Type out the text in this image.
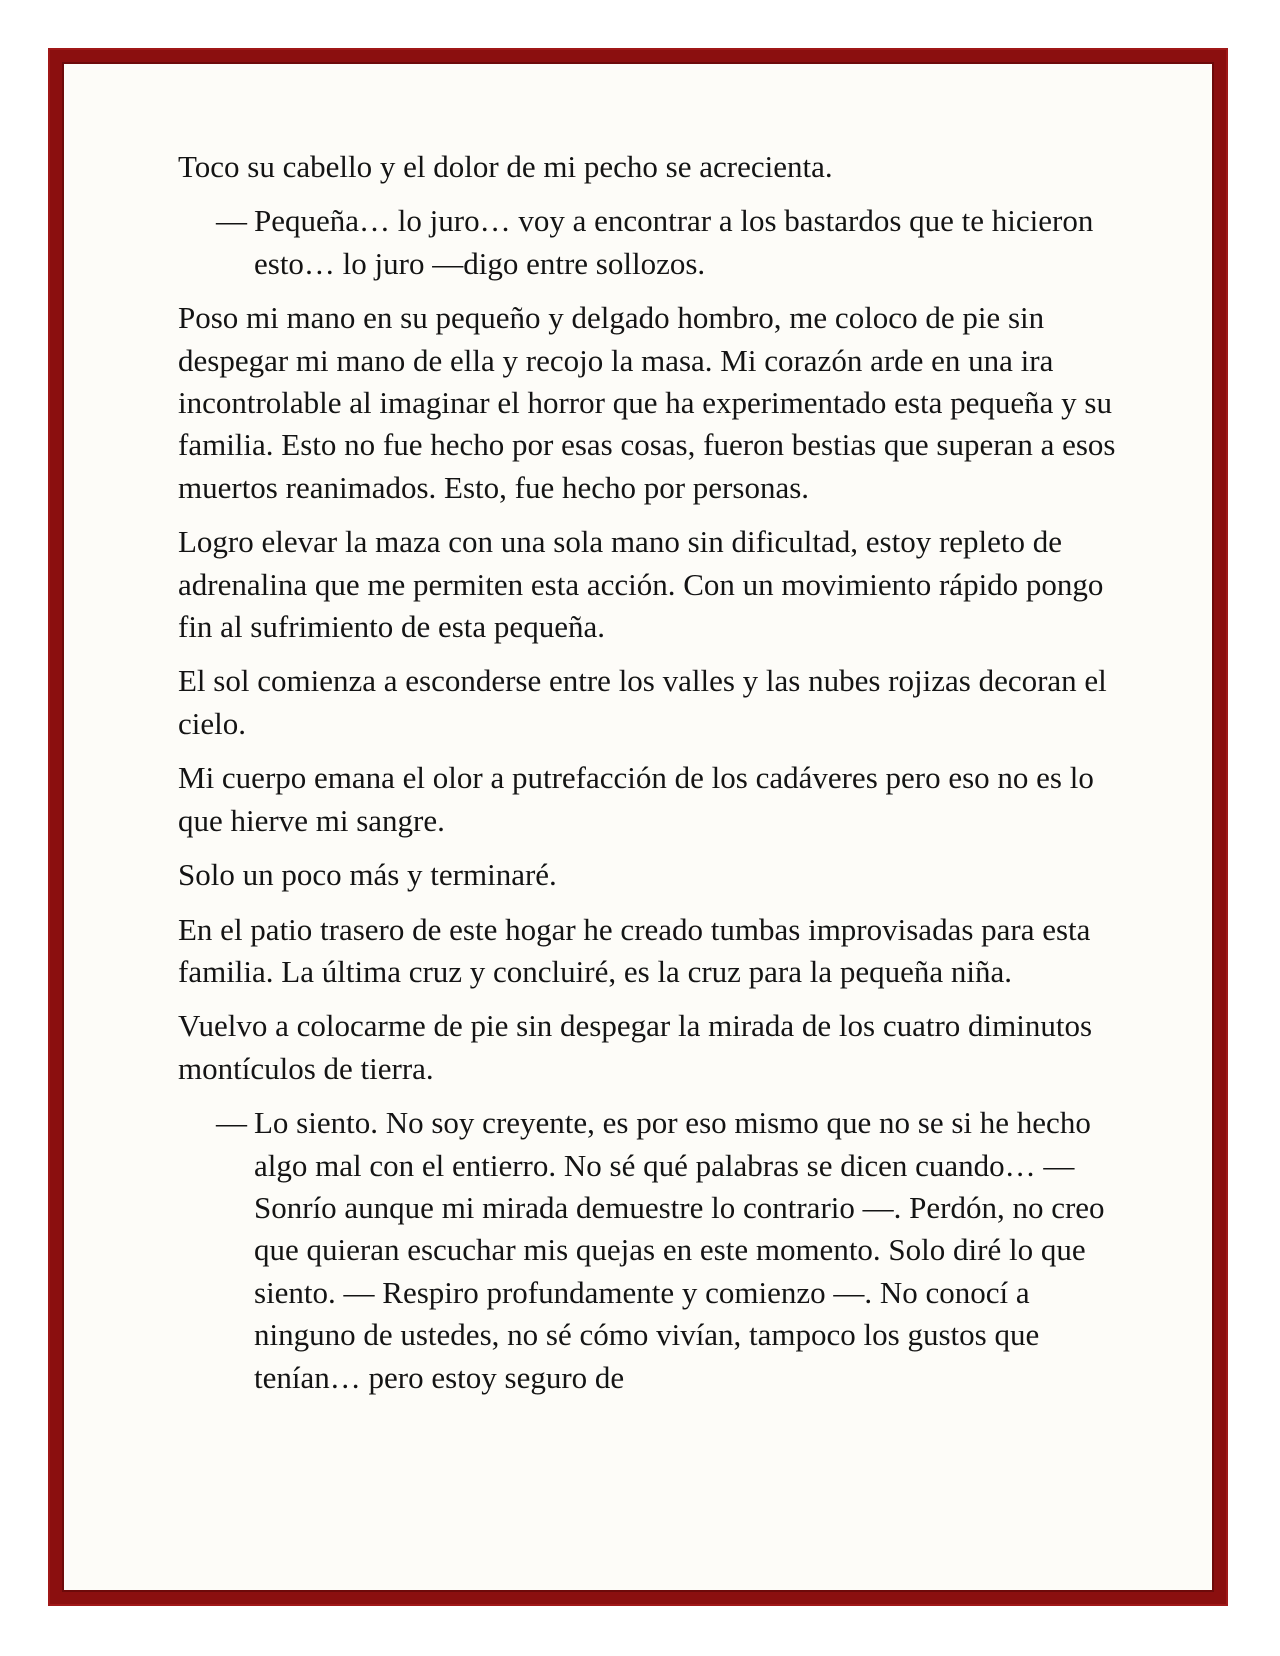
Toco su cabello y el dolor de mi pecho se acrecienta.

— Pequeña… lo juro… voy a encontrar a los bastardos que te hicieron esto… lo juro —digo entre sollozos.

Poso mi mano en su pequeño y delgado hombro, me coloco de pie sin despegar mi mano de ella y recojo la masa. Mi corazón arde en una ira incontrolable al imaginar el horror que ha experimentado esta pequeña y su familia. Esto no fue hecho por esas cosas, fueron bestias que superan a esos muertos reanimados. Esto, fue hecho por personas.

Logro elevar la maza con una sola mano sin dificultad, estoy repleto de adrenalina que me permiten esta acción. Con un movimiento rápido pongo fin al sufrimiento de esta pequeña.

El sol comienza a esconderse entre los valles y las nubes rojizas decoran el cielo.

Mi cuerpo emana el olor a putrefacción de los cadáveres pero eso no es lo que hierve mi sangre.

Solo un poco más y terminaré.

En el patio trasero de este hogar he creado tumbas improvisadas para esta familia. La última cruz y concluiré, es la cruz para la pequeña niña.

Vuelvo a colocarme de pie sin despegar la mirada de los cuatro diminutos montículos de tierra.

— Lo siento. No soy creyente, es por eso mismo que no se si he hecho algo mal con el entierro. No sé qué palabras se dicen cuando… —Sonrío aunque mi mirada demuestre lo contrario —. Perdón, no creo que quieran escuchar mis quejas en este momento. Solo diré lo que siento. — Respiro profundamente y comienzo —. No conocí a ninguno de ustedes, no sé cómo vivían, tampoco los gustos que tenían… pero estoy seguro de
